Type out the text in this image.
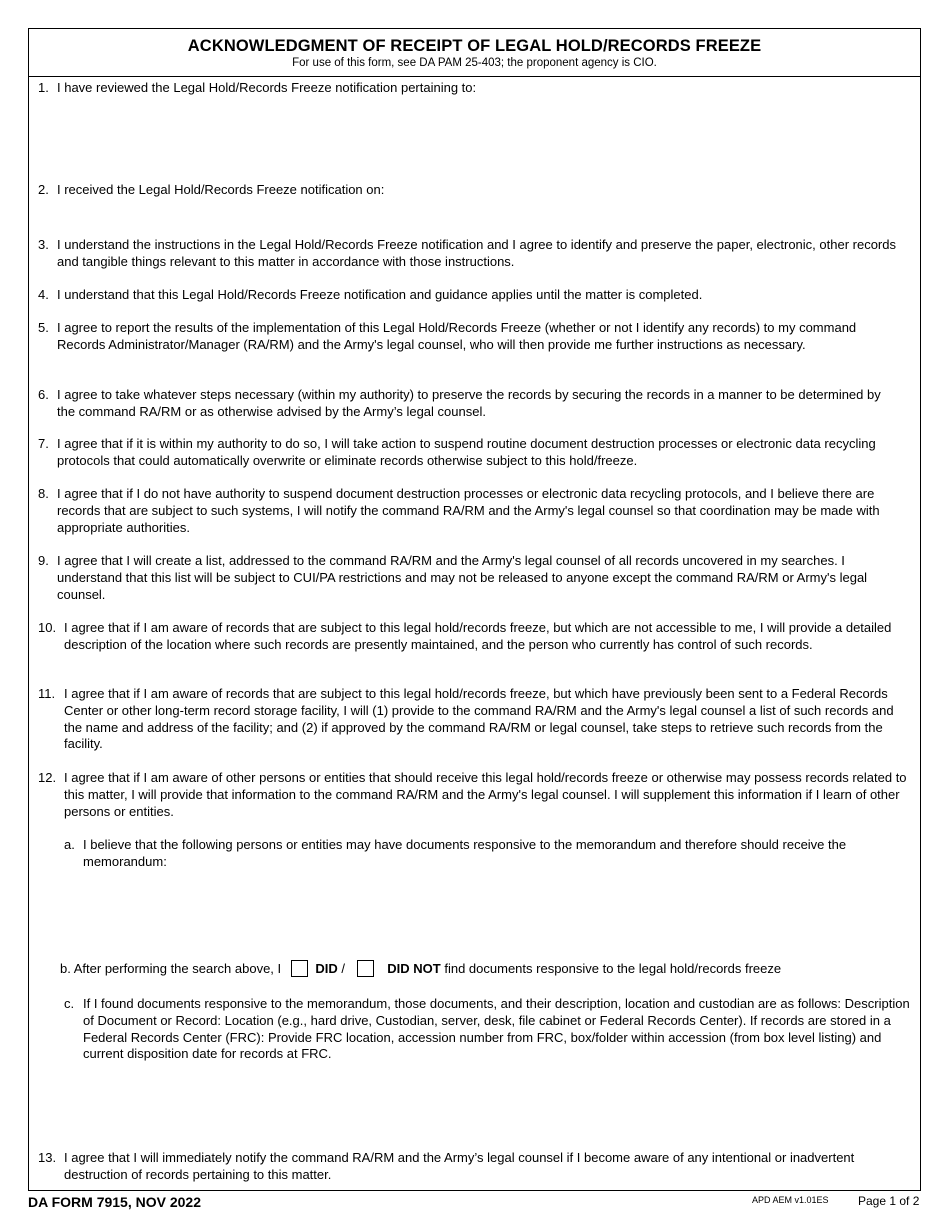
ACKNOWLEDGMENT OF RECEIPT OF LEGAL HOLD/RECORDS FREEZE
For use of this form, see DA PAM 25-403; the proponent agency is CIO.
1. I have reviewed the Legal Hold/Records Freeze notification pertaining to:
2. I received the Legal Hold/Records Freeze notification on:
3. I understand the instructions in the Legal Hold/Records Freeze notification and I agree to identify and preserve the paper, electronic, other records and tangible things relevant to this matter in accordance with those instructions.
4. I understand that this Legal Hold/Records Freeze notification and guidance applies until the matter is completed.
5. I agree to report the results of the implementation of this Legal Hold/Records Freeze (whether or not I identify any records) to my command Records Administrator/Manager (RA/RM) and the Army's legal counsel, who will then provide me further instructions as necessary.
6. I agree to take whatever steps necessary (within my authority) to preserve the records by securing the records in a manner to be determined by the command RA/RM or as otherwise advised by the Army’s legal counsel.
7. I agree that if it is within my authority to do so, I will take action to suspend routine document destruction processes or electronic data recycling protocols that could automatically overwrite or eliminate records otherwise subject to this hold/freeze.
8. I agree that if I do not have authority to suspend document destruction processes or electronic data recycling protocols, and I believe there are records that are subject to such systems, I will notify the command RA/RM and the Army's legal counsel so that coordination may be made with appropriate authorities.
9. I agree that I will create a list, addressed to the command RA/RM and the Army's legal counsel of all records uncovered in my searches. I understand that this list will be subject to CUI/PA restrictions and may not be released to anyone except the command RA/RM or Army's legal counsel.
10. I agree that if I am aware of records that are subject to this legal hold/records freeze, but which are not accessible to me, I will provide a detailed description of the location where such records are presently maintained, and the person who currently has control of such records.
11. I agree that if I am aware of records that are subject to this legal hold/records freeze, but which have previously been sent to a Federal Records Center or other long-term record storage facility, I will (1) provide to the command RA/RM and the Army's legal counsel a list of such records and the name and address of the facility; and (2) if approved by the command RA/RM or legal counsel, take steps to retrieve such records from the facility.
12. I agree that if I am aware of other persons or entities that should receive this legal hold/records freeze or otherwise may possess records related to this matter, I will provide that information to the command RA/RM and the Army's legal counsel. I will supplement this information if I learn of other persons or entities.
a. I believe that the following persons or entities may have documents responsive to the memorandum and therefore should receive the memorandum:
b. After performing the search above, I	DID /	DID NOT find documents responsive to the legal hold/records freeze
c. If I found documents responsive to the memorandum, those documents, and their description, location and custodian are as follows: Description of Document or Record: Location (e.g., hard drive, Custodian, server, desk, file cabinet or Federal Records Center). If records are stored in a Federal Records Center (FRC): Provide FRC location, accession number from FRC, box/folder within accession (from box level listing) and current disposition date for records at FRC.
13. I agree that I will immediately notify the command RA/RM and the Army’s legal counsel if I become aware of any intentional or inadvertent destruction of records pertaining to this matter.
DA FORM 7915, NOV 2022	APD AEM v1.01ES Page 1 of 2
